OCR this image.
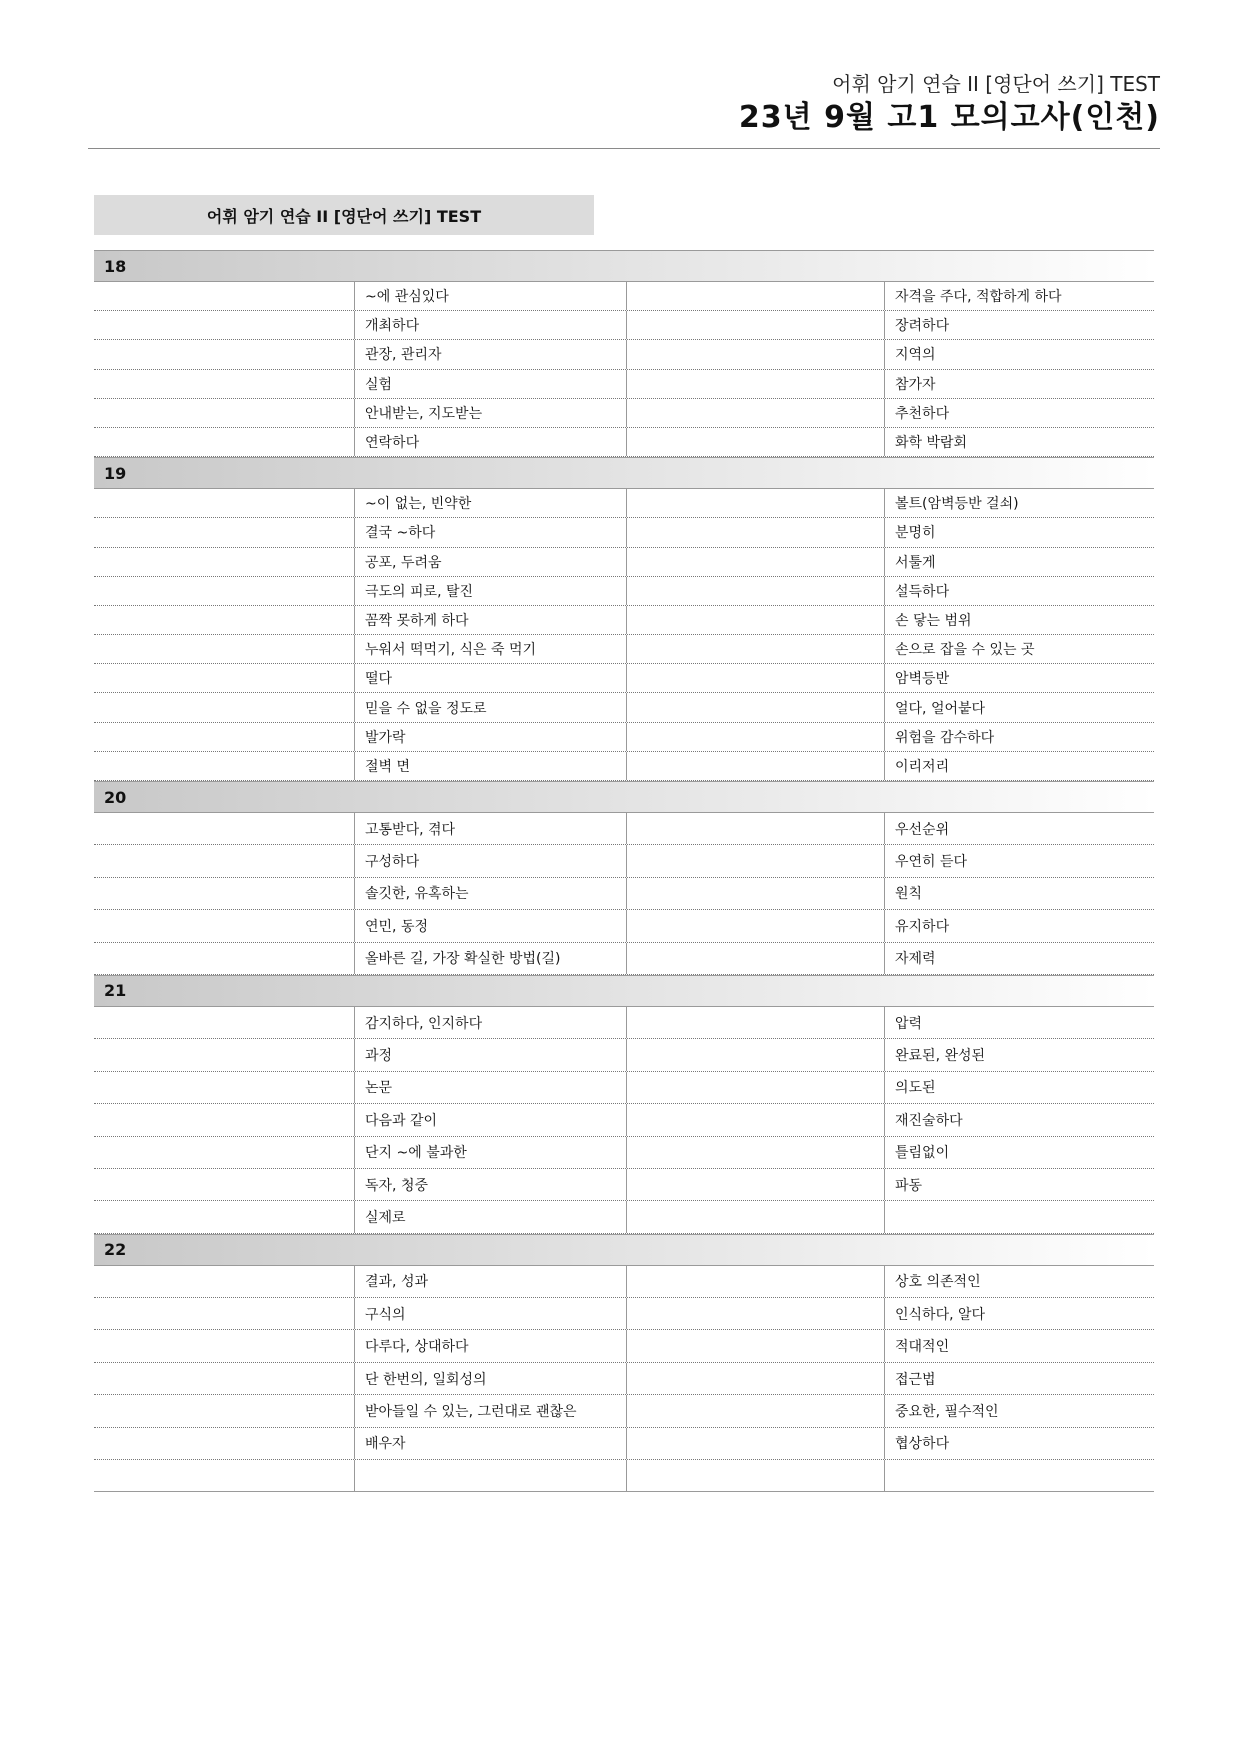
어휘 암기 연습 II [영단어 쓰기] TEST
23년 9월 고1 모의고사(인천)
어휘 암기 연습 II [영단어 쓰기] TEST
18
~에 관심있다	자격을 주다, 적합하게 하다
개최하다	장려하다
관장, 관리자	지역의
실험	참가자
안내받는, 지도받는	추천하다
연락하다	화학 박람회
19
~이 없는, 빈약한	볼트(암벽등반 걸쇠)
결국 ~하다	분명히
공포, 두려움	서툴게
극도의 피로, 탈진	설득하다
꼼짝 못하게 하다	손 닿는 범위
누워서 떡먹기, 식은 죽 먹기	손으로 잡을 수 있는 곳
떨다	암벽등반
믿을 수 없을 정도로	얼다, 얼어붙다
발가락	위험을 감수하다
절벽 면	이리저리
20
고통받다, 겪다	우선순위
구성하다	우연히 듣다
솔깃한, 유혹하는	원칙
연민, 동정	유지하다
올바른 길, 가장 확실한 방법(길)	자제력
21
감지하다, 인지하다	압력
과정	완료된, 완성된
논문	의도된
다음과 같이	재진술하다
단지 ~에 불과한	틀림없이
독자, 청중	파동
실제로
22
결과, 성과	상호 의존적인
구식의	인식하다, 알다
다루다, 상대하다	적대적인
단 한번의, 일회성의	접근법
받아들일 수 있는, 그런대로 괜찮은	중요한, 필수적인
배우자	협상하다
